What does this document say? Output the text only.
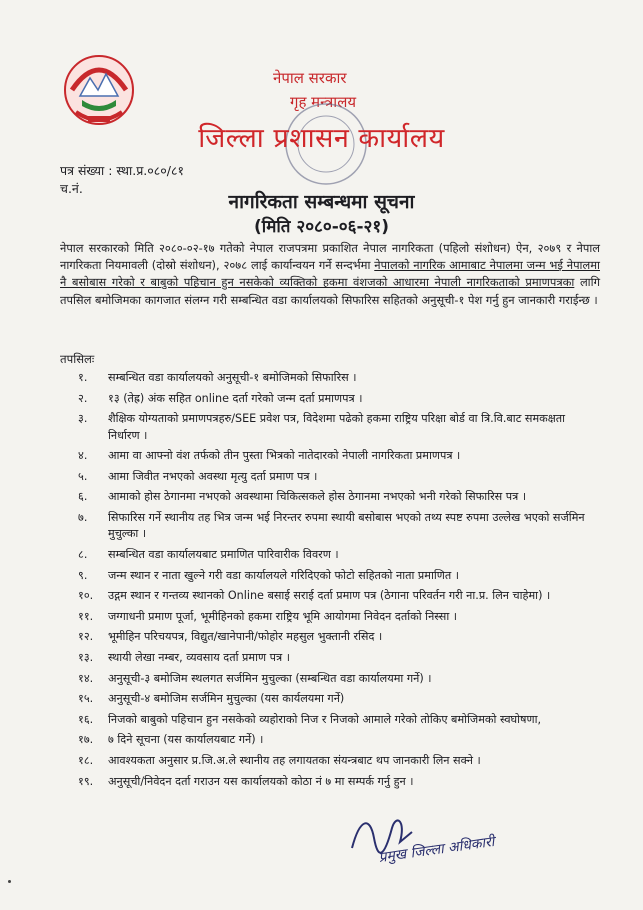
नेपाल सरकार
गृह मन्त्रालय
जिल्ला प्रशासन कार्यालय
पत्र संख्या : स्था.प्र.०८०/८१
च.नं.
नागरिकता सम्बन्धमा सूचना
(मिति २०८०-०६-२१)
नेपाल सरकारको मिति २०८०-०२-१७ गतेको नेपाल राजपत्रमा प्रकाशित नेपाल नागरिकता (पहिलो संशोधन) ऐन, २०७९ र नेपाल नागरिकता नियमावली (दोस्रो संशोधन), २०७८ लाई कार्यान्वयन गर्ने सन्दर्भमा नेपालको नागरिक आमाबाट नेपालमा जन्म भई नेपालमा नै बसोबास गरेको र बाबुको पहिचान हुन नसकेको व्यक्तिको हकमा वंशजको आधारमा नेपाली नागरिकताको प्रमाणपत्रका लागि तपसिल बमोजिमका कागजात संलग्न गरी सम्बन्धित वडा कार्यालयको सिफारिस सहितको अनुसूची-१ पेश गर्नु हुन जानकारी गराईन्छ ।
तपसिलः
१. सम्बन्धित वडा कार्यालयको अनुसूची-१ बमोजिमको सिफारिस ।
२. १३ (तेह्र) अंक सहित online दर्ता गरेको जन्म दर्ता प्रमाणपत्र ।
३. शैक्षिक योग्यताको प्रमाणपत्रहरु/SEE प्रवेश पत्र, विदेशमा पढेको हकमा राष्ट्रिय परिक्षा बोर्ड वा त्रि.वि.बाट समकक्षता निर्धारण ।
४. आमा वा आफ्नो वंश तर्फको तीन पुस्ता भित्रको नातेदारको नेपाली नागरिकता प्रमाणपत्र ।
५. आमा जिवीत नभएको अवस्था मृत्यु दर्ता प्रमाण पत्र ।
६. आमाको होस ठेगानमा नभएको अवस्थामा चिकित्सकले होस ठेगानमा नभएको भनी गरेको सिफारिस पत्र ।
७. सिफारिस गर्ने स्थानीय तह भित्र जन्म भई निरन्तर रुपमा स्थायी बसोबास भएको तथ्य स्पष्ट रुपमा उल्लेख भएको सर्जमिन मुचुल्का ।
८. सम्बन्धित वडा कार्यालयबाट प्रमाणित पारिवारीक विवरण ।
९. जन्म स्थान र नाता खुल्ने गरी वडा कार्यालयले गरिदिएको फोटो सहितको नाता प्रमाणित ।
१०. उद्गम स्थान र गन्तव्य स्थानको Online बसाई सराई दर्ता प्रमाण पत्र (ठेगाना परिवर्तन गरी ना.प्र. लिन चाहेमा) ।
११. जग्गाधनी प्रमाण पूर्जा, भूमीहिनको हकमा राष्ट्रिय भूमि आयोगमा निवेदन दर्ताको निस्सा ।
१२. भूमीहिन परिचयपत्र, विद्युत/खानेपानी/फोहोर महसुल भुक्तानी रसिद ।
१३. स्थायी लेखा नम्बर, व्यवसाय दर्ता प्रमाण पत्र ।
१४. अनुसूची-३ बमोजिम स्थलगत सर्जमिन मुचुल्का (सम्बन्धित वडा कार्यालयमा गर्ने) ।
१५. अनुसूची-४ बमोजिम सर्जमिन मुचुल्का (यस कार्यलयमा गर्ने)
१६. निजको बाबुको पहिचान हुन नसकेको व्यहोराको निज र निजको आमाले गरेको तोकिए बमोजिमको स्वघोषणा,
१७. ७ दिने सूचना (यस कार्यालयबाट गर्ने) ।
१८. आवश्यकता अनुसार प्र.जि.अ.ले स्थानीय तह लगायतका संयन्त्रबाट थप जानकारी लिन सक्ने ।
१९. अनुसूची/निवेदन दर्ता गराउन यस कार्यालयको कोठा नं ७ मा सम्पर्क गर्नु हुन ।
प्रमुख जिल्ला अधिकारी
